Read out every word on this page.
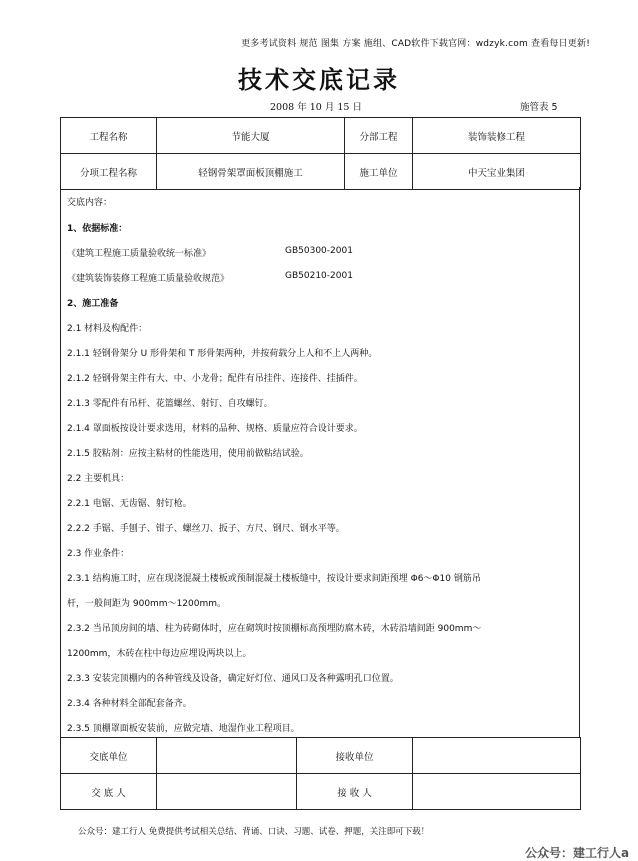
更多考试资料 规范 图集 方案 施组、CAD软件下载官网：wdzyk.com 查看每日更新!
技术交底记录
2008 年 10 月 15 日	施管表 5
工程名称	节能大厦	分部工程	装饰装修工程
分项工程名称	轻钢骨架罩面板顶棚施工	施工单位	中天宝业集团
交底内容：
1、依据标准：
《建筑工程施工质量验收统一标准》	GB50300-2001
《建筑装饰装修工程施工质量验收规范》	GB50210-2001
2、施工准备
2.1 材料及构配件：
2.1.1 轻钢骨架分 U 形骨架和 T 形骨架两种，并按荷载分上人和不上人两种。
2.1.2 轻钢骨架主件有大、中、小龙骨；配件有吊挂件、连接件、挂插件。
2.1.3 零配件有吊杆、花篮螺丝、射钉、自攻螺钉。
2.1.4 罩面板按设计要求选用，材料的品种、规格、质量应符合设计要求。
2.1.5 胶粘剂：应按主粘材的性能选用，使用前做粘结试验。
2.2 主要机具：
2.2.1 电锯、无齿锯、射钉枪。
2.2.2 手锯、手刨子、钳子、螺丝刀、扳子、方尺、钢尺、钢水平等。
2.3 作业条件：
2.3.1 结构施工时，应在现浇混凝土楼板或预制混凝土楼板缝中，按设计要求间距预埋 Φ6～Φ10 钢筋吊
杆，一般间距为 900mm～1200mm。
2.3.2 当吊顶房间的墙、柱为砖砌体时，应在砌筑时按顶棚标高预埋防腐木砖，木砖沿墙间距 900mm～
1200mm，木砖在柱中每边应埋设两块以上。
2.3.3 安装完顶棚内的各种管线及设备，确定好灯位、通风口及各种露明孔口位置。
2.3.4 各种材料全部配套备齐。
2.3.5 顶棚罩面板安装前，应做完墙、地湿作业工程项目。
交底单位		接收单位	
交 底 人		接 收 人	
公众号：建工行人 免费提供考试相关总结、背诵、口诀、习题、试卷、押题，关注即可下载！
公众号：建工行人a
